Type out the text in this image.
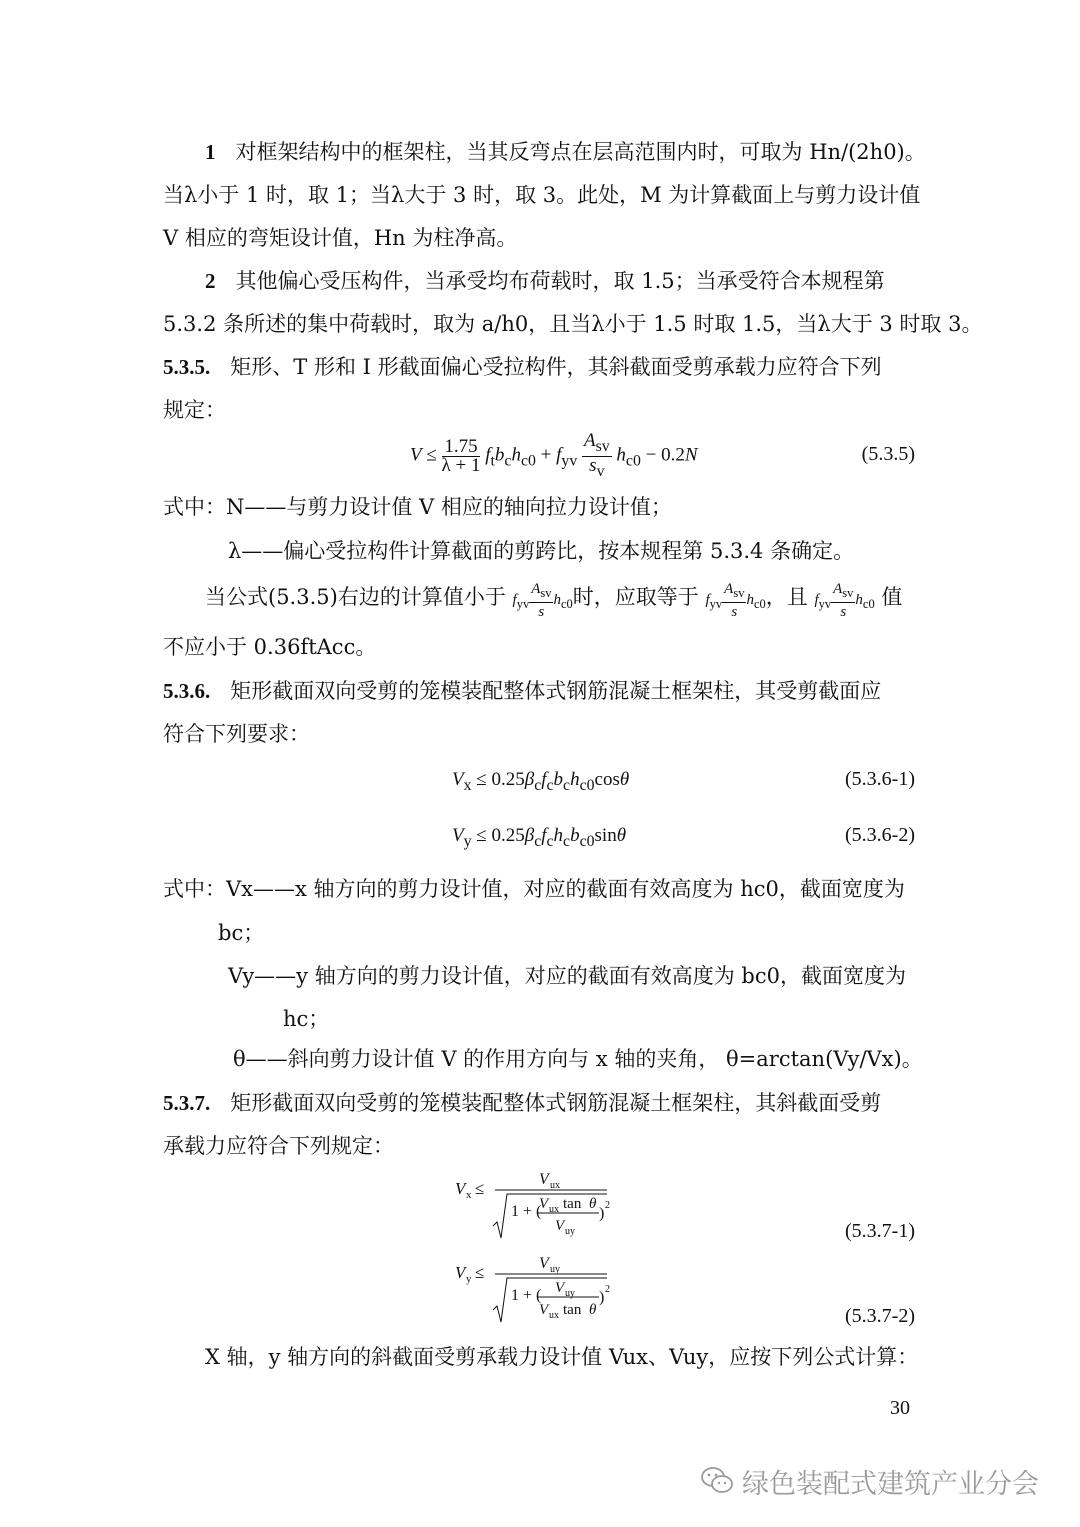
1 对框架结构中的框架柱，当其反弯点在层高范围内时，可取为 Hn/(2h0)。
当λ小于 1 时，取 1；当λ大于 3 时，取 3。此处，M 为计算截面上与剪力设计值
V 相应的弯矩设计值，Hn 为柱净高。
2 其他偏心受压构件，当承受均布荷载时，取 1.5；当承受符合本规程第
5.3.2 条所述的集中荷载时，取为 a/h0，且当λ小于 1.5 时取 1.5，当λ大于 3 时取 3。
5.3.5. 矩形、T 形和 I 形截面偏心受拉构件，其斜截面受剪承载力应符合下列
规定：
$V \le \frac{1.75}{\lambda + 1} f_tb_ch_{c0} + f_{yv} \frac{A_{sv}}{s_v} h_{c0} - 0.2N$	(5.3.5)
式中：N——与剪力设计值 V 相应的轴向拉力设计值；
λ——偏心受拉构件计算截面的剪跨比，按本规程第 5.3.4 条确定。
当公式(5.3.5)右边的计算值小于 $f_{yv} \frac{A_{sv}}{s} h_{c0}$时，应取等于 $f_{yv} \frac{A_{sv}}{s} h_{c0}$，且 $f_{yv} \frac{A_{sv}}{s} h_{c0}$ 值
不应小于 0.36ftAcc。
5.3.6. 矩形截面双向受剪的笼模装配整体式钢筋混凝土框架柱，其受剪截面应
符合下列要求：
$V_x \le 0.25\beta_cf_cb_ch_{c0}\cos\theta$	(5.3.6-1)
$V_y \le 0.25\beta_cf_ch_cb_{c0}\sin\theta$	(5.3.6-2)
式中：Vx——x 轴方向的剪力设计值，对应的截面有效高度为 hc0，截面宽度为
bc；
Vy——y 轴方向的剪力设计值，对应的截面有效高度为 bc0，截面宽度为
hc；
θ——斜向剪力设计值 V 的作用方向与 x 轴的夹角， θ=arctan(Vy/Vx)。
5.3.7. 矩形截面双向受剪的笼模装配整体式钢筋混凝土框架柱，其斜截面受剪
承载力应符合下列规定：
V x ≤	V ux
1 + (
V ux tan θ
V uy
) 2
(5.3.7-1)
V y ≤	V uy
1 + ( V uy
V ux tan θ
) 2
(5.3.7-2)
X 轴，y 轴方向的斜截面受剪承载力设计值 Vux、Vuy，应按下列公式计算：
30
绿色装配式建筑产业分会
